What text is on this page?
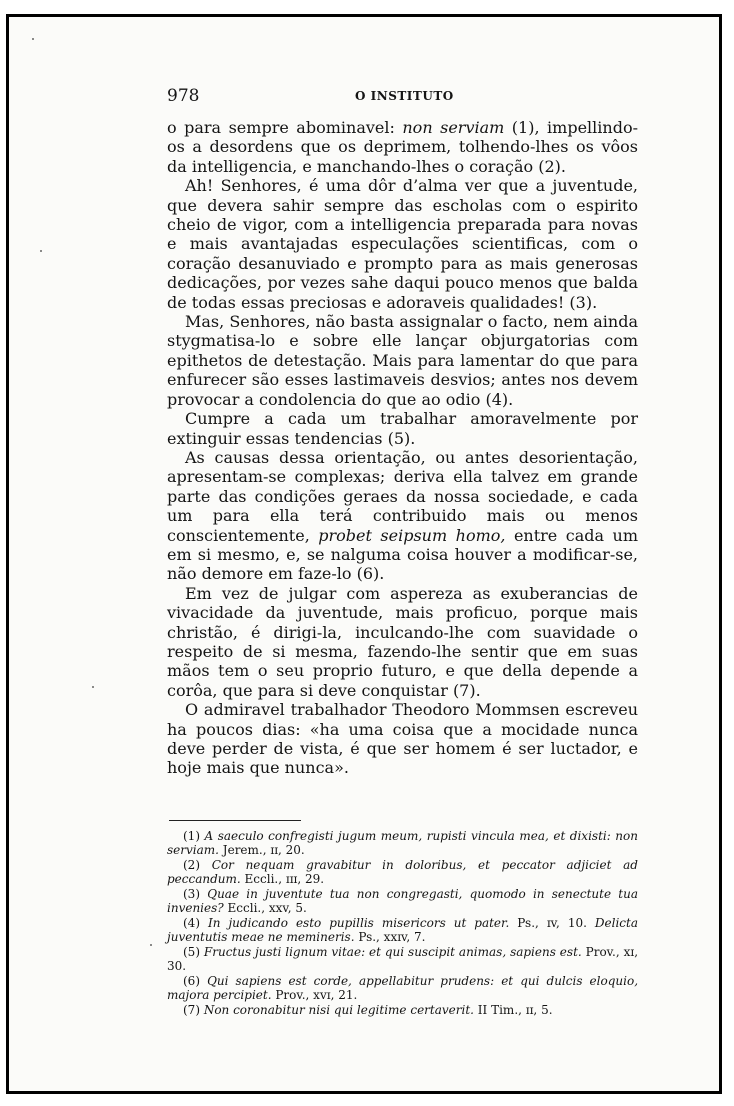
978	O INSTITUTO

o para sempre abominavel: non serviam (1), impellindo-os a desordens que os deprimem, tolhendo-lhes os vôos da intelligencia, e manchando-lhes o coração (2).

Ah! Senhores, é uma dôr d’alma ver que a juventude, que devera sahir sempre das escholas com o espirito cheio de vigor, com a intelligencia preparada para novas e mais avantajadas especulações scientificas, com o coração desanuviado e prompto para as mais generosas dedicações, por vezes sahe daqui pouco menos que balda de todas essas preciosas e adoraveis qualidades! (3).

Mas, Senhores, não basta assignalar o facto, nem ainda stygmatisa-lo e sobre elle lançar objurgatorias com epithetos de detestação. Mais para lamentar do que para enfurecer são esses lastimaveis desvios; antes nos devem provocar a condolencia do que ao odio (4).

Cumpre a cada um trabalhar amoravelmente por extinguir essas tendencias (5).

As causas dessa orientação, ou antes desorientação, apresentam-se complexas; deriva ella talvez em grande parte das condições geraes da nossa sociedade, e cada um para ella terá contribuido mais ou menos conscientemente, probet seipsum homo, entre cada um em si mesmo, e, se nalguma coisa houver a modificar-se, não demore em faze-lo (6).

Em vez de julgar com aspereza as exuberancias de vivacidade da juventude, mais proficuo, porque mais christão, é dirigi-la, inculcando-lhe com suavidade o respeito de si mesma, fazendo-lhe sentir que em suas mãos tem o seu proprio futuro, e que della depende a corôa, que para si deve conquistar (7).

O admiravel trabalhador Theodoro Mommsen escreveu ha poucos dias: «ha uma coisa que a mocidade nunca deve perder de vista, é que ser homem é ser luctador, e hoje mais que nunca».

(1) A saeculo confregisti jugum meum, rupisti vincula mea, et dixisti: non serviam. Jerem., ɪɪ, 20.

(2) Cor nequam gravabitur in doloribus, et peccator adjiciet ad peccandum. Eccli., ɪɪɪ, 29.

(3) Quae in juventute tua non congregasti, quomodo in senectute tua invenies? Eccli., xxv, 5.

(4) In judicando esto pupillis misericors ut pater. Ps., ɪv, 10. Delicta juventutis meae ne memineris. Ps., xxɪv, 7.

(5) Fructus justi lignum vitae: et qui suscipit animas, sapiens est. Prov., xɪ, 30.

(6) Qui sapiens est corde, appellabitur prudens: et qui dulcis eloquio, majora percipiet. Prov., xvɪ, 21.

(7) Non coronabitur nisi qui legitime certaverit. II Tim., ɪɪ, 5.
